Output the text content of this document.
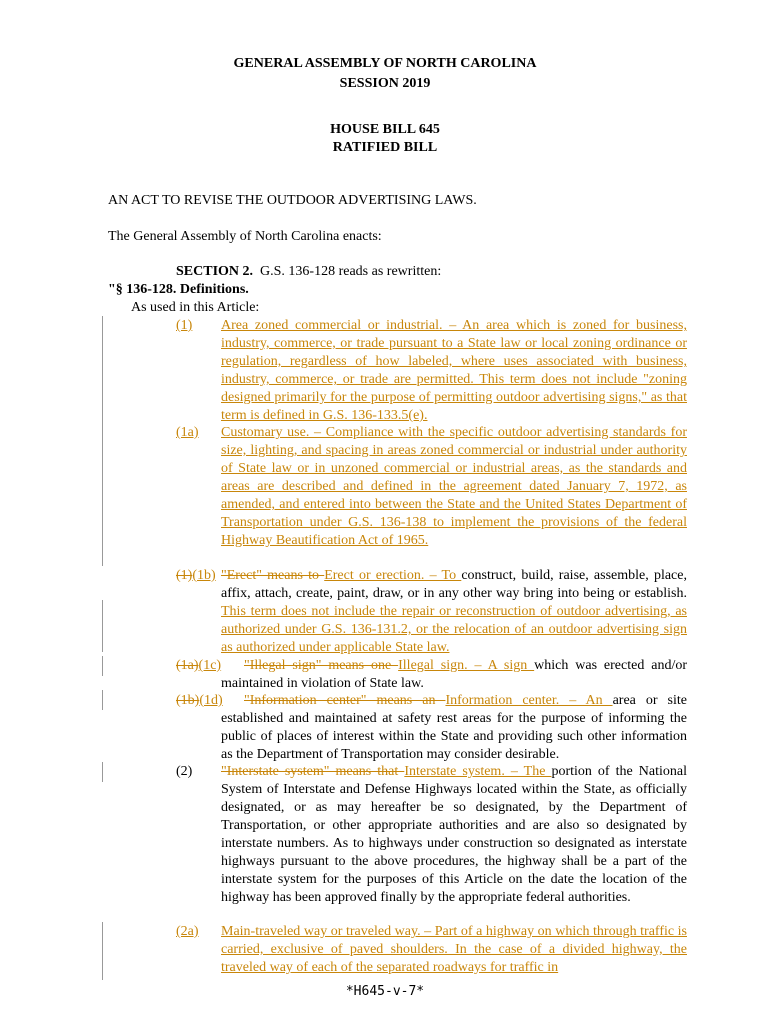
GENERAL ASSEMBLY OF NORTH CAROLINA
SESSION 2019
HOUSE BILL 645
RATIFIED BILL
AN ACT TO REVISE THE OUTDOOR ADVERTISING LAWS.
The General Assembly of North Carolina enacts:
SECTION 2. G.S. 136-128 reads as rewritten:
"§ 136-128. Definitions.
As used in this Article:
(1) Area zoned commercial or industrial. – An area which is zoned for business, industry, commerce, or trade pursuant to a State law or local zoning ordinance or regulation, regardless of how labeled, where uses associated with business, industry, commerce, or trade are permitted. This term does not include "zoning designed primarily for the purpose of permitting outdoor advertising signs," as that term is defined in G.S. 136-133.5(e).
(1a) Customary use. – Compliance with the specific outdoor advertising standards for size, lighting, and spacing in areas zoned commercial or industrial under authority of State law or in unzoned commercial or industrial areas, as the standards and areas are described and defined in the agreement dated January 7, 1972, as amended, and entered into between the State and the United States Department of Transportation under G.S. 136-138 to implement the provisions of the federal Highway Beautification Act of 1965.
(1)(1b) "Erect" means to Erect or erection. – To construct, build, raise, assemble, place, affix, attach, create, paint, draw, or in any other way bring into being or establish. This term does not include the repair or reconstruction of outdoor advertising, as authorized under G.S. 136-131.2, or the relocation of an outdoor advertising sign as authorized under applicable State law.
(1a)(1c)	"Illegal sign" means one Illegal sign. – A sign which was erected and/or maintained in violation of State law.
(1b)(1d)	"Information center" means an Information center. – An area or site established and maintained at safety rest areas for the purpose of informing the public of places of interest within the State and providing such other information as the Department of Transportation may consider desirable.
(2) "Interstate system" means that Interstate system. – The portion of the National System of Interstate and Defense Highways located within the State, as officially designated, or as may hereafter be so designated, by the Department of Transportation, or other appropriate authorities and are also so designated by interstate numbers. As to highways under construction so designated as interstate highways pursuant to the above procedures, the highway shall be a part of the interstate system for the purposes of this Article on the date the location of the highway has been approved finally by the appropriate federal authorities.
(2a) Main-traveled way or traveled way. – Part of a highway on which through traffic is carried, exclusive of paved shoulders. In the case of a divided highway, the traveled way of each of the separated roadways for traffic in
*H645-v-7*
